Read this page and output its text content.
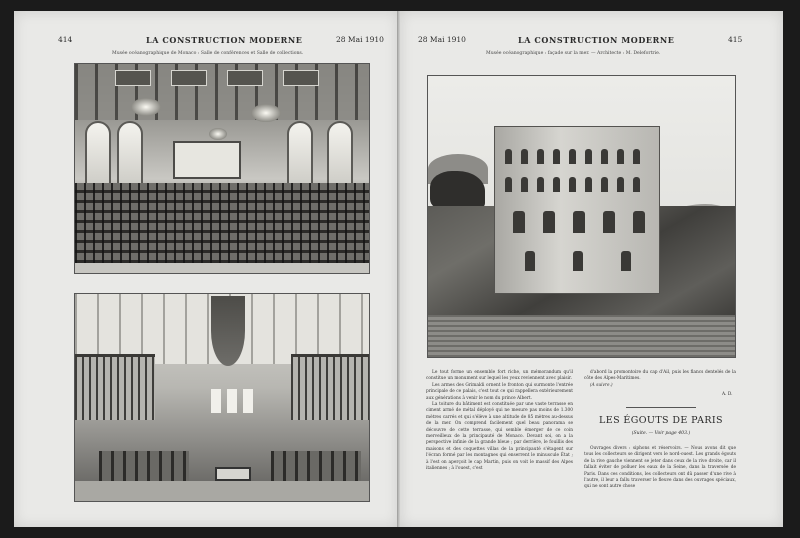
414	LA CONSTRUCTION MODERNE	28 Mai 1910
Musée océanographique de Monaco : Salle de conférences et Salle de collections.
28 Mai 1910	LA CONSTRUCTION MODERNE	415
Musée océanographique : façade sur la mer. — Architecte : M. Delefortrie.

Le tout forme un ensemble fort riche, un mémorandum qu'il constitue un monument sur lequel les yeux reviennent avec plaisir.

Les armes des Grimaldi ornent le fronton qui surmonte l'entrée principale de ce palais, c'est tout ce qui rappellera extérieurement aux générations à venir le nom du prince Albert.

La toiture du bâtiment est constituée par une vaste terrasse en ciment armé de métal déployé qui ne mesure pas moins de 1.300 mètres carrés et qui s'élève à une altitude de 85 mètres au-dessus de la mer. On comprend facilement quel beau panorama se découvre de cette terrasse, qui semble émerger de ce coin merveilleux de la principauté de Monaco. Devant soi, on a la perspective infinie de la grande bleue ; par derrière, le fouillis des maisons et des coquettes villas de la principauté s'étagent sur l'écran formé par les montagnes qui enserrent le minuscule État ; à l'est on aperçoit le cap Martin, puis on voit le massif des Alpes italiennes ; à l'ouest, c'est

d'abord la promontoire du cap d'Ail, puis les flancs dentelés de la côte des Alpes-Maritimes.

(A suivre.)

A. D.
LES ÉGOUTS DE PARIS
(Suite. — Voir page 403.)

Ouvrages divers : siphons et réservoirs. — Nous avons dit que tous les collecteurs se dirigent vers le nord-ouest. Les grands égouts de la rive gauche viennent se jeter dans ceux de la rive droite, car il fallait éviter de polluer les eaux de la Seine, dans la traversée de Paris. Dans ces conditions, les collecteurs ont dû passer d'une rive à l'autre, il leur a fallu traverser le fleuve dans des ouvrages spéciaux, qui ne sont autre chose
